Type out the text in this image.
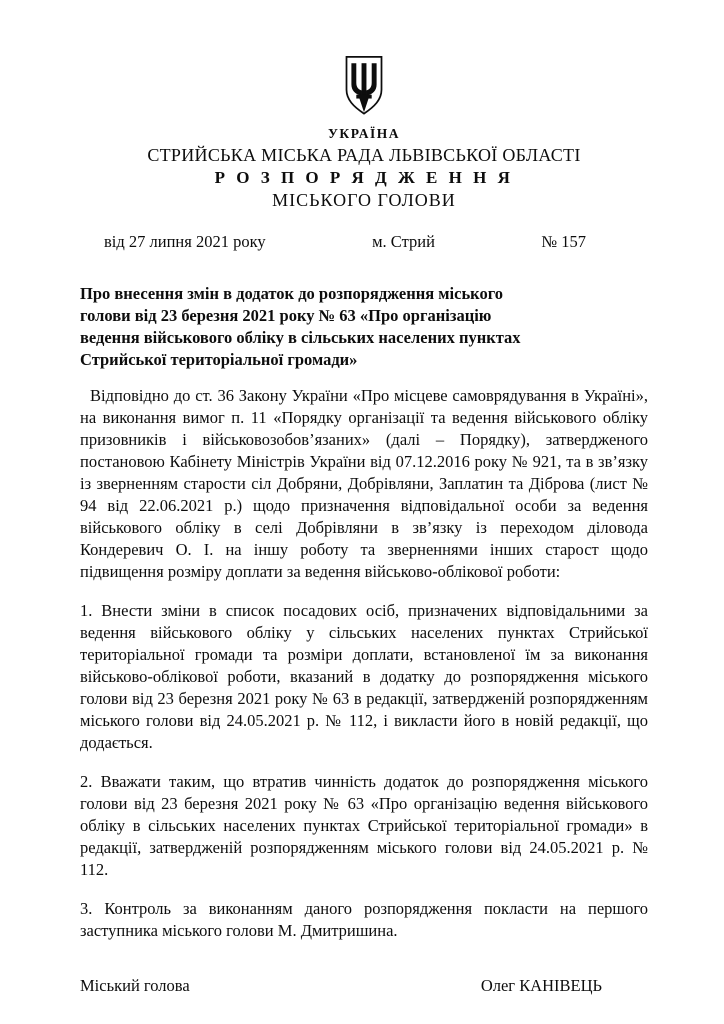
УКРАЇНА
СТРИЙСЬКА МІСЬКА РАДА ЛЬВІВСЬКОЇ ОБЛАСТІ
Р О З П О Р Я Д Ж Е Н Н Я
МІСЬКОГО ГОЛОВИ
від 27 липня 2021 року	м. Стрий	№ 157
Про внесення змін в додаток до розпорядження міського
голови від 23 березня 2021 року № 63 «Про організацію
ведення військового обліку в сільських населених пунктах
Стрийської територіальної громади»

Відповідно до ст. 36 Закону України «Про місцеве самоврядування в Україні», на виконання вимог п. 11 «Порядку організації та ведення військового обліку призовників і військовозобов’язаних» (далі – Порядку), затвердженого постановою Кабінету Міністрів України від 07.12.2016 року № 921, та в зв’язку із зверненням старости сіл Добряни, Добрівляни, Заплатин та Діброва (лист № 94 від 22.06.2021 р.) щодо призначення відповідальної особи за ведення військового обліку в селі Добрівляни в зв’язку із переходом діловода Кондеревич О. І. на іншу роботу та зверненнями інших старост щодо підвищення розміру доплати за ведення військово-облікової роботи:

1. Внести зміни в список посадових осіб, призначених відповідальними за ведення військового обліку у сільських населених пунктах Стрийської територіальної громади та розміри доплати, встановленої їм за виконання військово-облікової роботи, вказаний в додатку до розпорядження міського голови від 23 березня 2021 року № 63 в редакції, затвердженій розпорядженням міського голови від 24.05.2021 р. № 112, і викласти його в новій редакції, що додається.

2. Вважати таким, що втратив чинність додаток до розпорядження міського голови від 23 березня 2021 року № 63 «Про організацію ведення військового обліку в сільських населених пунктах Стрийської територіальної громади» в редакції, затвердженій розпорядженням міського голови від 24.05.2021 р. № 112.

3. Контроль за виконанням даного розпорядження покласти на першого заступника міського голови М. Дмитришина.

Міський голова	Олег КАНІВЕЦЬ
